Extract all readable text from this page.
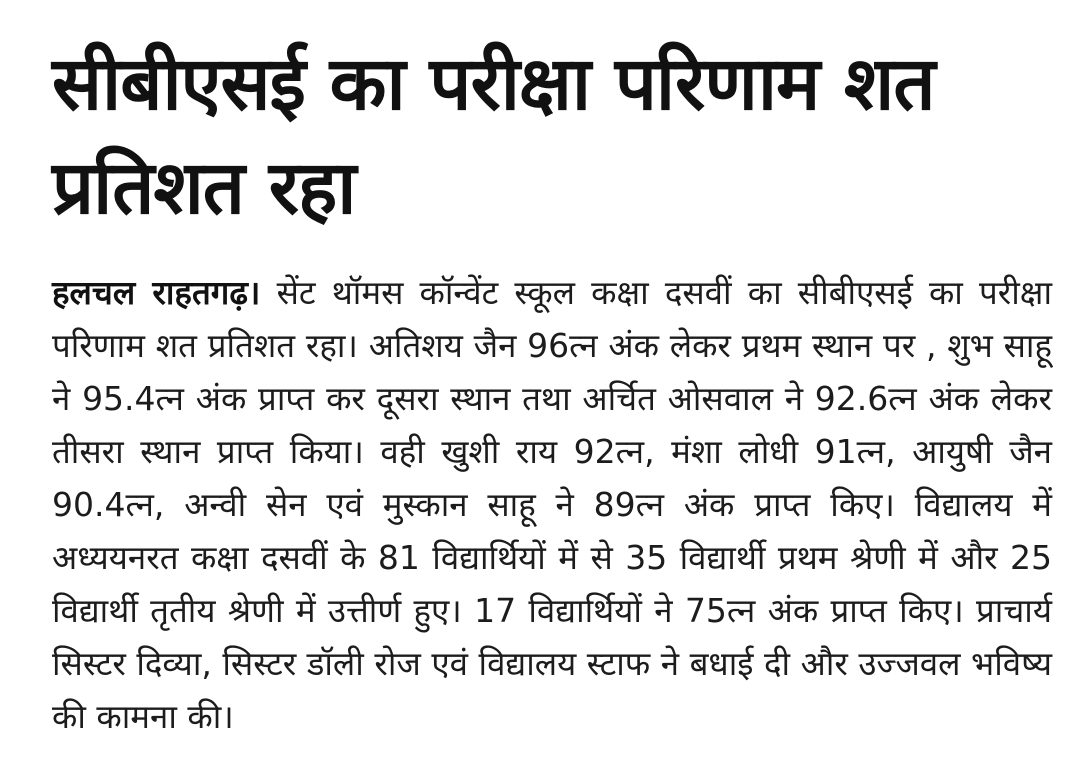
सीबीएसई का परीक्षा परिणाम शत प्रतिशत रहा

हलचल राहतगढ़। सेंट थॉमस कॉन्वेंट स्कूल कक्षा दसवीं का सीबीएसई का परीक्षा परिणाम शत प्रतिशत रहा। अतिशय जैन 96त्न अंक लेकर प्रथम स्थान पर , शुभ साहू ने 95.4त्न अंक प्राप्त कर दूसरा स्थान तथा अर्चित ओसवाल ने 92.6त्न अंक लेकर तीसरा स्थान प्राप्त किया। वही खुशी राय 92त्न, मंशा लोधी 91त्न, आयुषी जैन 90.4त्न, अन्वी सेन एवं मुस्कान साहू ने 89त्न अंक प्राप्त किए। विद्यालय में अध्ययनरत कक्षा दसवीं के 81 विद्यार्थियों में से 35 विद्यार्थी प्रथम श्रेणी में और 25 विद्यार्थी तृतीय श्रेणी में उत्तीर्ण हुए। 17 विद्यार्थियों ने 75त्न अंक प्राप्त किए। प्राचार्य सिस्टर दिव्या, सिस्टर डॉली रोज एवं विद्यालय स्टाफ ने बधाई दी और उज्जवल भविष्य की कामना की।
